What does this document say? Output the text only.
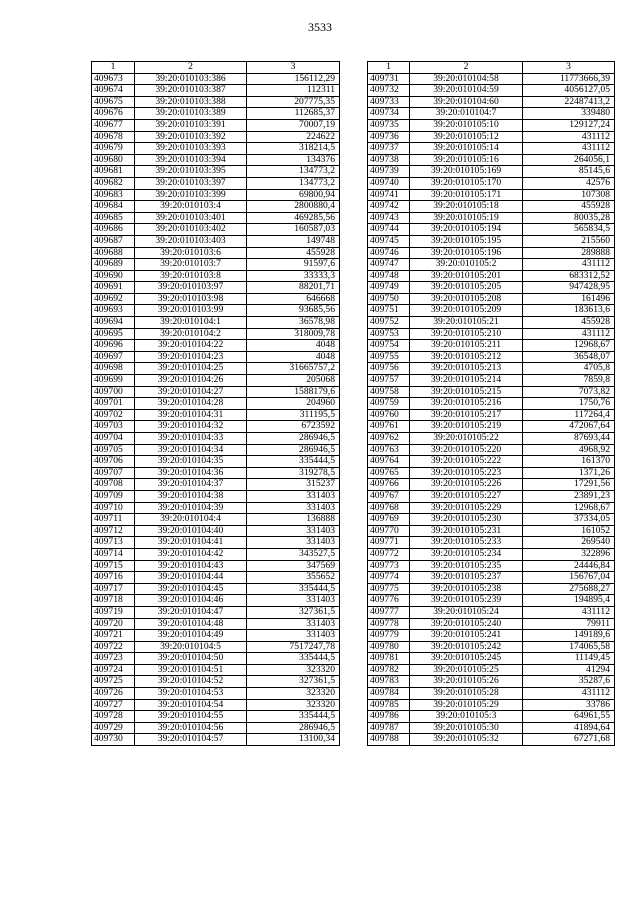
3533
1	2	3
409673	39:20:010103:386	156112,29
409674	39:20:010103:387	112311
409675	39:20:010103:388	207775,35
409676	39:20:010103:389	112685,37
409677	39:20:010103:391	70007,19
409678	39:20:010103:392	224622
409679	39:20:010103:393	318214,5
409680	39:20:010103:394	134376
409681	39:20:010103:395	134773,2
409682	39:20:010103:397	134773,2
409683	39:20:010103:399	69800,94
409684	39:20:010103:4	2800880,4
409685	39:20:010103:401	469285,56
409686	39:20:010103:402	160587,03
409687	39:20:010103:403	149748
409688	39:20:010103:6	455928
409689	39:20:010103:7	91597,6
409690	39:20:010103:8	33333,3
409691	39:20:010103:97	88201,71
409692	39:20:010103:98	646668
409693	39:20:010103:99	93685,56
409694	39:20:010104:1	36578,98
409695	39:20:010104:2	318009,78
409696	39:20:010104:22	4048
409697	39:20:010104:23	4048
409698	39:20:010104:25	31665757,2
409699	39:20:010104:26	205068
409700	39:20:010104:27	1588179,6
409701	39:20:010104:28	204960
409702	39:20:010104:31	311195,5
409703	39:20:010104:32	6723592
409704	39:20:010104:33	286946,5
409705	39:20:010104:34	286946,5
409706	39:20:010104:35	335444,5
409707	39:20:010104:36	319278,5
409708	39:20:010104:37	315237
409709	39:20:010104:38	331403
409710	39:20:010104:39	331403
409711	39:20:010104:4	136888
409712	39:20:010104:40	331403
409713	39:20:010104:41	331403
409714	39:20:010104:42	343527,5
409715	39:20:010104:43	347569
409716	39:20:010104:44	355652
409717	39:20:010104:45	335444,5
409718	39:20:010104:46	331403
409719	39:20:010104:47	327361,5
409720	39:20:010104:48	331403
409721	39:20:010104:49	331403
409722	39:20:010104:5	7517247,78
409723	39:20:010104:50	335444,5
409724	39:20:010104:51	323320
409725	39:20:010104:52	327361,5
409726	39:20:010104:53	323320
409727	39:20:010104:54	323320
409728	39:20:010104:55	335444,5
409729	39:20:010104:56	286946,5
409730	39:20:010104:57	13100,34
1	2	3
409731	39:20:010104:58	11773666,39
409732	39:20:010104:59	4056127,05
409733	39:20:010104:60	22487413,2
409734	39:20:010104:7	339480
409735	39:20:010105:10	129127,24
409736	39:20:010105:12	431112
409737	39:20:010105:14	431112
409738	39:20:010105:16	264056,1
409739	39:20:010105:169	85145,6
409740	39:20:010105:170	42576
409741	39:20:010105:171	107308
409742	39:20:010105:18	455928
409743	39:20:010105:19	80035,28
409744	39:20:010105:194	565834,5
409745	39:20:010105:195	215560
409746	39:20:010105:196	289888
409747	39:20:010105:2	431112
409748	39:20:010105:201	683312,52
409749	39:20:010105:205	947428,95
409750	39:20:010105:208	161496
409751	39:20:010105:209	183613,6
409752	39:20:010105:21	455928
409753	39:20:010105:210	431112
409754	39:20:010105:211	12968,67
409755	39:20:010105:212	36548,07
409756	39:20:010105:213	4705,8
409757	39:20:010105:214	7859,8
409758	39:20:010105:215	7073,82
409759	39:20:010105:216	1750,76
409760	39:20:010105:217	117264,4
409761	39:20:010105:219	472067,64
409762	39:20:010105:22	87693,44
409763	39:20:010105:220	4968,92
409764	39:20:010105:222	161370
409765	39:20:010105:223	1371,26
409766	39:20:010105:226	17291,56
409767	39:20:010105:227	23891,23
409768	39:20:010105:229	12968,67
409769	39:20:010105:230	37334,05
409770	39:20:010105:231	161052
409771	39:20:010105:233	269540
409772	39:20:010105:234	322896
409773	39:20:010105:235	24446,84
409774	39:20:010105:237	156767,04
409775	39:20:010105:238	275688,27
409776	39:20:010105:239	194895,4
409777	39:20:010105:24	431112
409778	39:20:010105:240	79911
409779	39:20:010105:241	149189,6
409780	39:20:010105:242	174065,58
409781	39:20:010105:245	11149,45
409782	39:20:010105:25	41294
409783	39:20:010105:26	35287,6
409784	39:20:010105:28	431112
409785	39:20:010105:29	33786
409786	39:20:010105:3	64961,55
409787	39:20:010105:30	41894,64
409788	39:20:010105:32	67271,68
